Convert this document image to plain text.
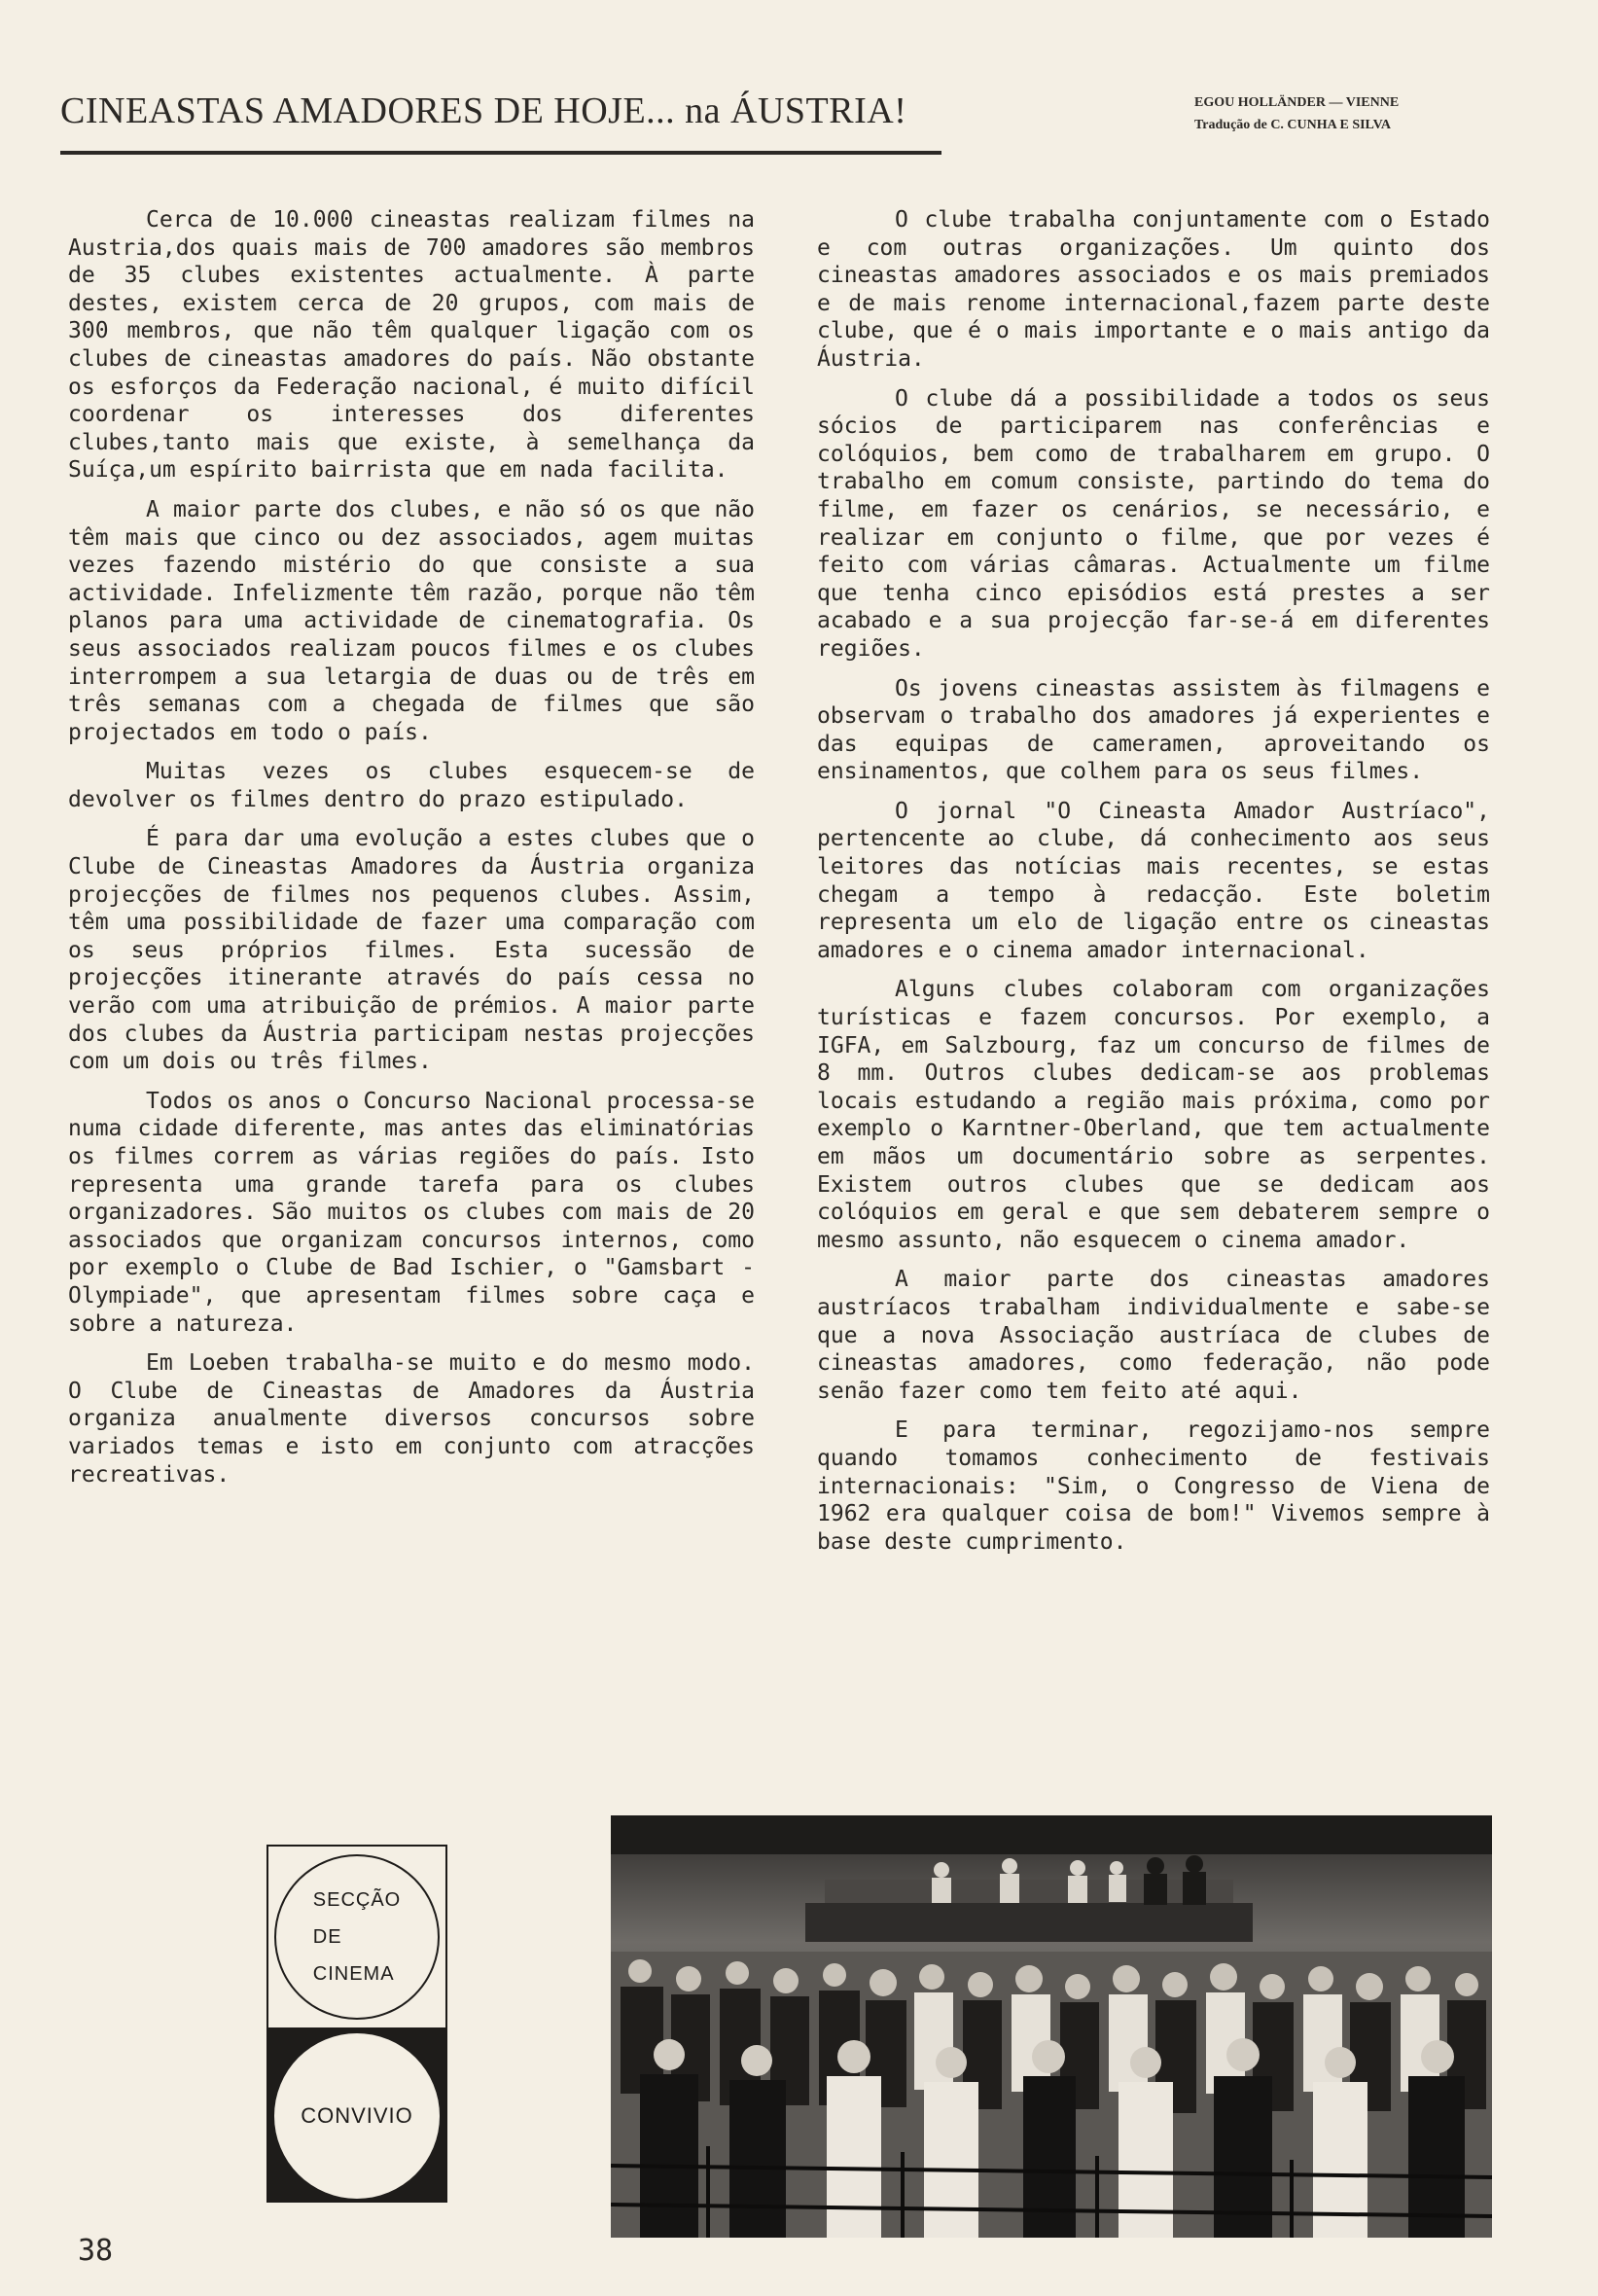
CINEASTAS AMADORES DE HOJE... na ÁUSTRIA!	EGOU HOLLÄNDER — VIENNE
Tradução de C. CUNHA E SILVA

Cerca de 10.000 cineastas realizam filmes na Austria,dos quais mais de 700 amadores são membros de 35 clubes existentes actualmente. À parte destes, existem cerca de 20 grupos, com mais de 300 membros, que não têm qualquer ligação com os clubes de cineastas amadores do país. Não obstante os esforços da Federação nacional, é muito difícil coordenar os interesses dos diferentes clubes,tanto mais que existe, à semelhança da Suíça,um espírito bairrista que em nada facilita.

A maior parte dos clubes, e não só os que não têm mais que cinco ou dez associados, agem muitas vezes fazendo mistério do que consiste a sua actividade. Infelizmente têm razão, porque não têm planos para uma actividade de cinematografia. Os seus associados realizam poucos filmes e os clubes interrompem a sua letargia de duas ou de três em três semanas com a chegada de filmes que são projectados em todo o país.

Muitas vezes os clubes esquecem-se de devolver os filmes dentro do prazo estipulado.

É para dar uma evolução a estes clubes que o Clube de Cineastas Amadores da Áustria organiza projecções de filmes nos pequenos clubes. Assim, têm uma possibilidade de fazer uma comparação com os seus próprios filmes. Esta sucessão de projecções itinerante através do país cessa no verão com uma atribuição de prémios. A maior parte dos clubes da Áustria participam nestas projecções com um dois ou três filmes.

Todos os anos o Concurso Nacional processa-se numa cidade diferente, mas antes das eliminatórias os filmes correm as várias regiões do país. Isto representa uma grande tarefa para os clubes organizadores. São muitos os clubes com mais de 20 associados que organizam concursos internos, como por exemplo o Clube de Bad Ischier, o "Gamsbart -Olympiade", que apresentam filmes sobre caça e sobre a natureza.

Em Loeben trabalha-se muito e do mesmo modo. O Clube de Cineastas de Amadores da Áustria organiza anualmente diversos concursos sobre variados temas e isto em conjunto com atracções recreativas.

O clube trabalha conjuntamente com o Estado e com outras organizações. Um quinto dos cineastas amadores associados e os mais premiados e de mais renome internacional,fazem parte deste clube, que é o mais importante e o mais antigo da Áustria.

O clube dá a possibilidade a todos os seus sócios de participarem nas conferências e colóquios, bem como de trabalharem em grupo. O trabalho em comum consiste, partindo do tema do filme, em fazer os cenários, se necessário, e realizar em conjunto o filme, que por vezes é feito com várias câmaras. Actualmente um filme que tenha cinco episódios está prestes a ser acabado e a sua projecção far-se-á em diferentes regiões.

Os jovens cineastas assistem às filmagens e observam o trabalho dos amadores já experientes e das equipas de cameramen, aproveitando os ensinamentos, que colhem para os seus filmes.

O jornal "O Cineasta Amador Austríaco", pertencente ao clube, dá conhecimento aos seus leitores das notícias mais recentes, se estas chegam a tempo à redacção. Este boletim representa um elo de ligação entre os cineastas amadores e o cinema amador internacional.

Alguns clubes colaboram com organizações turísticas e fazem concursos. Por exemplo, a IGFA, em Salzbourg, faz um concurso de filmes de 8 mm. Outros clubes dedicam-se aos problemas locais estudando a região mais próxima, como por exemplo o Karntner-Oberland, que tem actualmente em mãos um documentário sobre as serpentes. Existem outros clubes que se dedicam aos colóquios em geral e que sem debaterem sempre o mesmo assunto, não esquecem o cinema amador.

A maior parte dos cineastas amadores austríacos trabalham individualmente e sabe-se que a nova Associação austríaca de clubes de cineastas amadores, como federação, não pode senão fazer como tem feito até aqui.

E para terminar, regozijamo-nos sempre quando tomamos conhecimento de festivais internacionais: "Sim, o Congresso de Viena de 1962 era qualquer coisa de bom!" Vivemos sempre à base deste cumprimento.

SECÇÃO
DE
CINEMA
CONVIVIO
38
